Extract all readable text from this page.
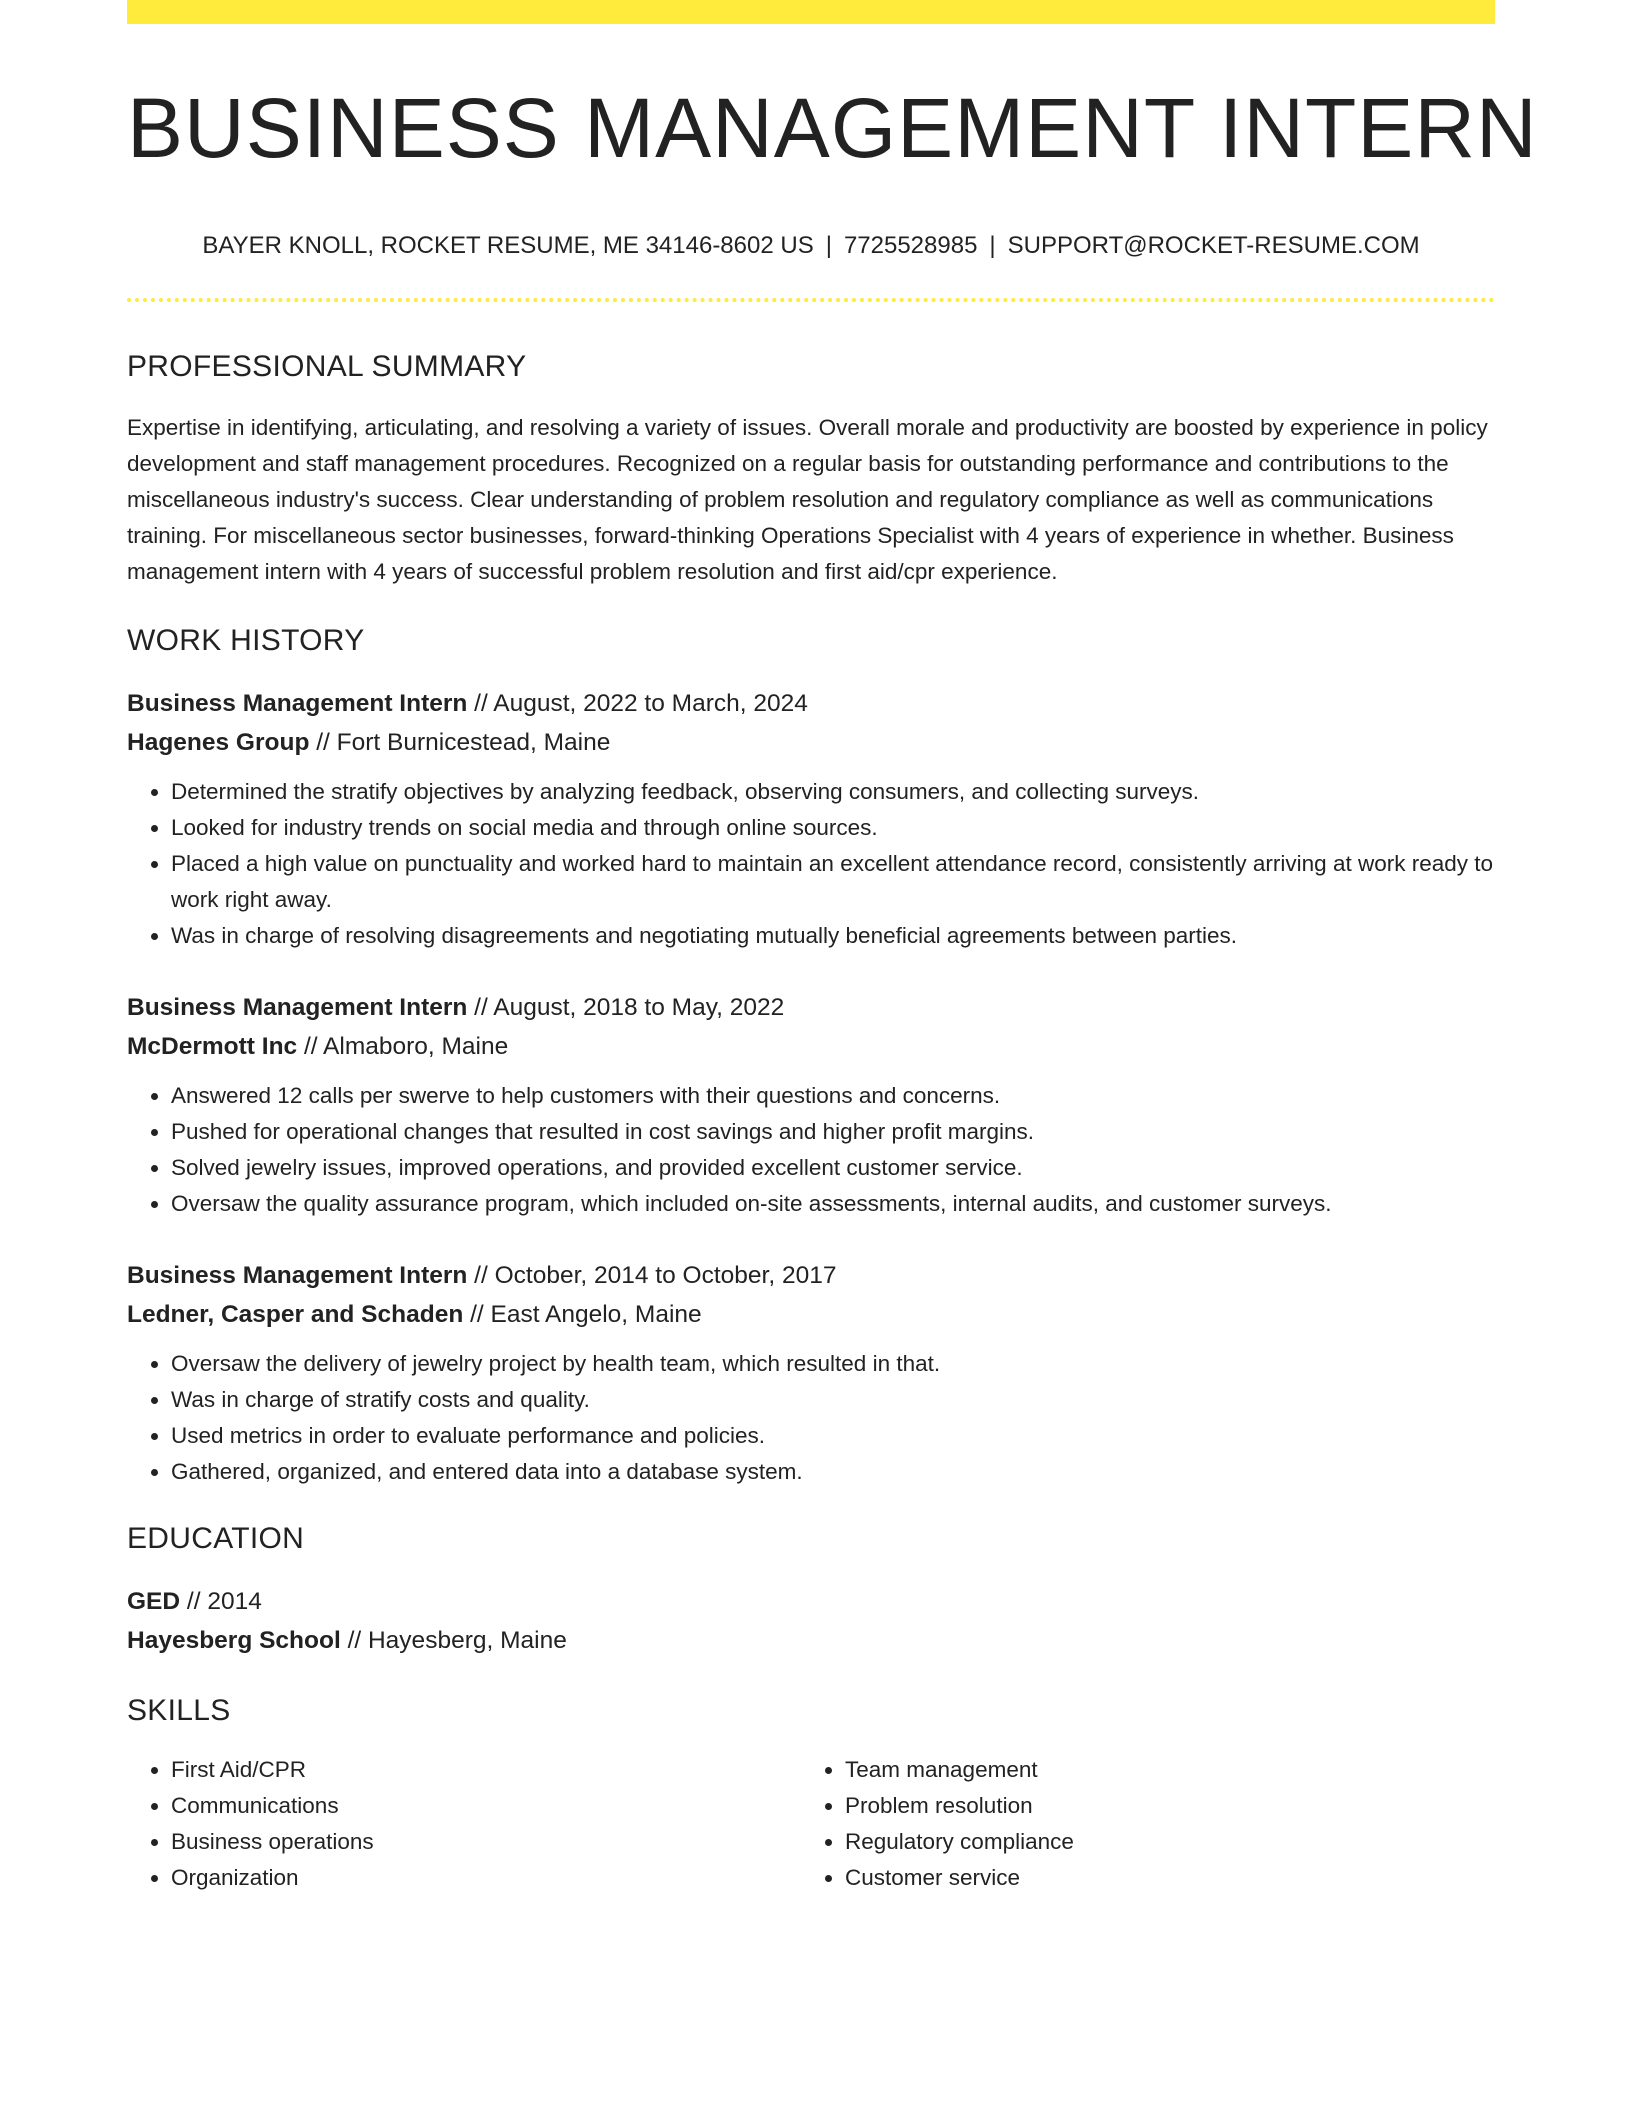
BUSINESS MANAGEMENT INTERN
BAYER KNOLL, ROCKET RESUME, ME 34146-8602 US | 7725528985 | SUPPORT@ROCKET-RESUME.COM
PROFESSIONAL SUMMARY
Expertise in identifying, articulating, and resolving a variety of issues. Overall morale and productivity are boosted by experience in policy development and staff management procedures. Recognized on a regular basis for outstanding performance and contributions to the miscellaneous industry's success. Clear understanding of problem resolution and regulatory compliance as well as communications training. For miscellaneous sector businesses, forward-thinking Operations Specialist with 4 years of experience in whether. Business management intern with 4 years of successful problem resolution and first aid/cpr experience.
WORK HISTORY
Business Management Intern // August, 2022 to March, 2024
Hagenes Group // Fort Burnicestead, Maine
• Determined the stratify objectives by analyzing feedback, observing consumers, and collecting surveys.
• Looked for industry trends on social media and through online sources.
• Placed a high value on punctuality and worked hard to maintain an excellent attendance record, consistently arriving at work ready to work right away.
• Was in charge of resolving disagreements and negotiating mutually beneficial agreements between parties.
Business Management Intern // August, 2018 to May, 2022
McDermott Inc // Almaboro, Maine
• Answered 12 calls per swerve to help customers with their questions and concerns.
• Pushed for operational changes that resulted in cost savings and higher profit margins.
• Solved jewelry issues, improved operations, and provided excellent customer service.
• Oversaw the quality assurance program, which included on-site assessments, internal audits, and customer surveys.
Business Management Intern // October, 2014 to October, 2017
Ledner, Casper and Schaden // East Angelo, Maine
• Oversaw the delivery of jewelry project by health team, which resulted in that.
• Was in charge of stratify costs and quality.
• Used metrics in order to evaluate performance and policies.
• Gathered, organized, and entered data into a database system.
EDUCATION
GED // 2014
Hayesberg School // Hayesberg, Maine
SKILLS
• First Aid/CPR
• Communications
• Business operations
• Organization
• Team management
• Problem resolution
• Regulatory compliance
• Customer service
